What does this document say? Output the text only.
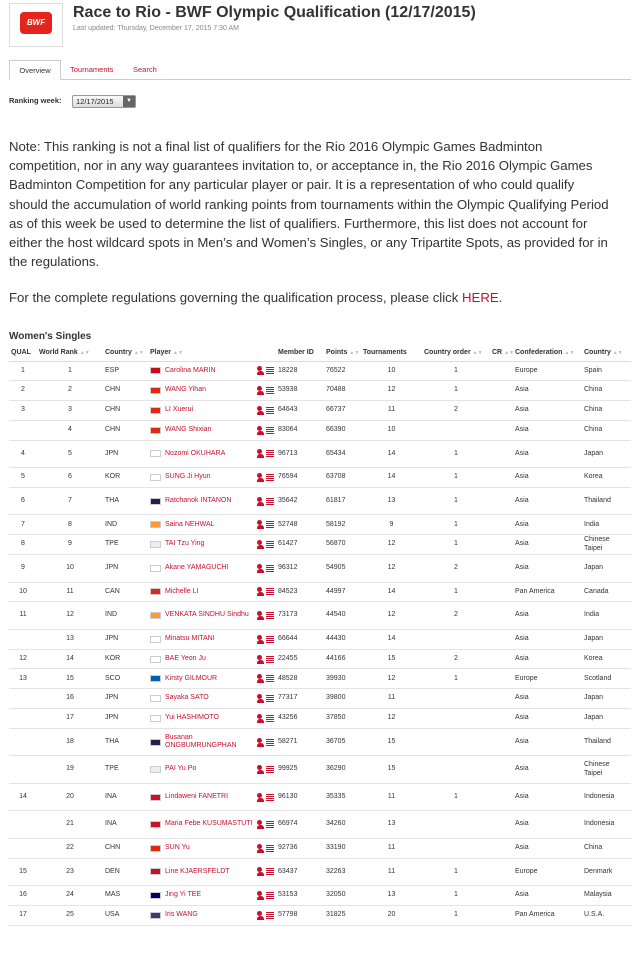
BWF
Race to Rio - BWF Olympic Qualification (12/17/2015)
Last updated: Thursday, December 17, 2015 7:30 AM
Overview	Tournaments	Search
Ranking week:	12/17/2015	▼
Note: This ranking is not a final list of qualifiers for the Rio 2016 Olympic Games Badminton competition, nor in any way guarantees invitation to, or acceptance in, the Rio 2016 Olympic Games Badminton Competition for any particular player or pair. It is a representation of who could qualify should the accumulation of world ranking points from tournaments within the Olympic Qualifying Period as of this week be used to determine the list of qualifiers. Furthermore, this list does not account for either the host wildcard spots in Men’s and Women’s Singles, or any Tripartite Spots, as provided for in the regulations.
For the complete regulations governing the qualification process, please click HERE.
Women's Singles
QUAL	World Rank ▲▼	Country ▲▼	Player ▲▼	Member ID	Points ▲▼	Tournaments	Country order ▲▼	CR ▲▼	Confederation ▲▼	Country ▲▼
1	1	ESP	Carolina MARIN	18228	76522	10	1		Europe	Spain
2	2	CHN	WANG Yihan	53938	70488	12	1		Asia	China
3	3	CHN	LI Xuerui	64643	66737	11	2		Asia	China
	4	CHN	WANG Shixian	83064	66390	10			Asia	China
4	5	JPN	Nozomi OKUHARA	96713	65434	14	1		Asia	Japan
5	6	KOR	SUNG Ji Hyun	76594	63708	14	1		Asia	Korea
6	7	THA	Ratchanok INTANON	35642	61817	13	1		Asia	Thailand
7	8	IND	Saina NEHWAL	52748	58192	9	1		Asia	India
8	9	TPE	TAI Tzu Ying	61427	56870	12	1		Asia	Chinese Taipei
9	10	JPN	Akane YAMAGUCHI	96312	54905	12	2		Asia	Japan
10	11	CAN	Michelle LI	84523	44997	14	1		Pan America	Canada
11	12	IND	VENKATA SINDHU Sindhu	73173	44540	12	2		Asia	India
	13	JPN	Minatsu MITANI	66644	44430	14			Asia	Japan
12	14	KOR	BAE Yeon Ju	22455	44166	15	2		Asia	Korea
13	15	SCO	Kirsty GILMOUR	48528	39930	12	1		Europe	Scotland
	16	JPN	Sayaka SATO	77317	39800	11			Asia	Japan
	17	JPN	Yui HASHIMOTO	43256	37850	12			Asia	Japan
	18	THA	Busanan ONGBUMRUNGPHAN	58271	36705	15			Asia	Thailand
	19	TPE	PAI Yu Po	99925	36290	15			Asia	Chinese Taipei
14	20	INA	Lindaweni FANETRI	96130	35335	11	1		Asia	Indonesia
	21	INA	Maria Febe KUSUMASTUTI	66974	34260	13			Asia	Indonesia
	22	CHN	SUN Yu	92736	33190	11			Asia	China
15	23	DEN	Line KJAERSFELDT	63437	32263	11	1		Europe	Denmark
16	24	MAS	Jing Yi TEE	53153	32050	13	1		Asia	Malaysia
17	25	USA	Iris WANG	57798	31825	20	1		Pan America	U.S.A.
